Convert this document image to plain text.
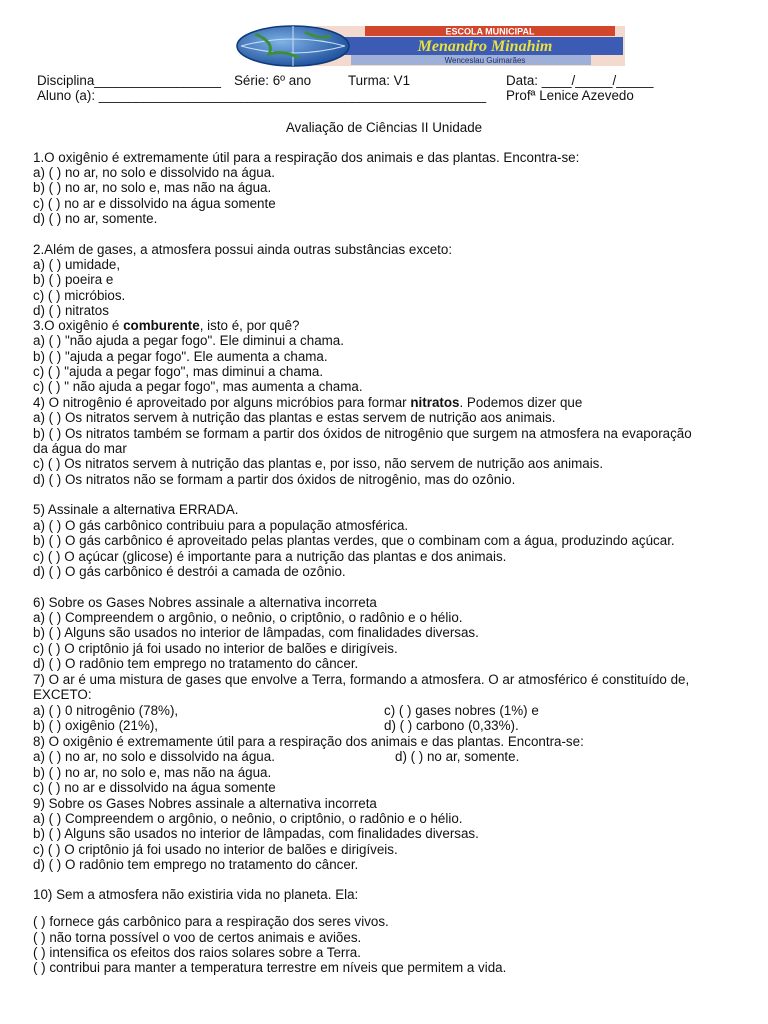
ESCOLA MUNICIPAL
Menandro Minahim
Wenceslau Guimarães
Disciplina_________________ Série: 6º ano	Turma: V1	Data: ____/_____/_____
Aluno (a): ____________________________________________________ Profª Lenice Azevedo
Avaliação de Ciências II Unidade
1.O oxigênio é extremamente útil para a respiração dos animais e das plantas. Encontra-se:
a) ( ) no ar, no solo e dissolvido na água.
b) ( ) no ar, no solo e, mas não na água.
c) ( ) no ar e dissolvido na água somente
d) ( ) no ar, somente.
2.Além de gases, a atmosfera possui ainda outras substâncias exceto:
a) ( ) umidade,
b) ( ) poeira e
c) ( ) micróbios.
d) ( ) nitratos
3.O oxigênio é comburente, isto é, por quê?
a) ( ) "não ajuda a pegar fogo". Ele diminui a chama.
b) ( ) "ajuda a pegar fogo". Ele aumenta a chama.
c) ( ) "ajuda a pegar fogo", mas diminui a chama.
c) ( ) " não ajuda a pegar fogo", mas aumenta a chama.
4) O nitrogênio é aproveitado por alguns micróbios para formar nitratos. Podemos dizer que
a) ( ) Os nitratos servem à nutrição das plantas e estas servem de nutrição aos animais.
b) ( ) Os nitratos também se formam a partir dos óxidos de nitrogênio que surgem na atmosfera na evaporação
da água do mar
c) ( ) Os nitratos servem à nutrição das plantas e, por isso, não servem de nutrição aos animais.
d) ( ) Os nitratos não se formam a partir dos óxidos de nitrogênio, mas do ozônio.
5) Assinale a alternativa ERRADA.
a) ( ) O gás carbônico contribuiu para a população atmosférica.
b) ( ) O gás carbônico é aproveitado pelas plantas verdes, que o combinam com a água, produzindo açúcar.
c) ( ) O açúcar (glicose) é importante para a nutrição das plantas e dos animais.
d) ( ) O gás carbônico é destrói a camada de ozônio.
6) Sobre os Gases Nobres assinale a alternativa incorreta
a) ( ) Compreendem o argônio, o neônio, o criptônio, o radônio e o hélio.
b) ( ) Alguns são usados no interior de lâmpadas, com finalidades diversas.
c) ( ) O criptônio já foi usado no interior de balões e dirigíveis.
d) ( ) O radônio tem emprego no tratamento do câncer.
7) O ar é uma mistura de gases que envolve a Terra, formando a atmosfera. O ar atmosférico é constituído de,
EXCETO:
a) ( ) 0 nitrogênio (78%),	c) ( ) gases nobres (1%) e
b) ( ) oxigênio (21%),	d) ( ) carbono (0,33%).
8) O oxigênio é extremamente útil para a respiração dos animais e das plantas. Encontra-se:
a) ( ) no ar, no solo e dissolvido na água.	d) ( ) no ar, somente.
b) ( ) no ar, no solo e, mas não na água.
c) ( ) no ar e dissolvido na água somente
9) Sobre os Gases Nobres assinale a alternativa incorreta
a) ( ) Compreendem o argônio, o neônio, o criptônio, o radônio e o hélio.
b) ( ) Alguns são usados no interior de lâmpadas, com finalidades diversas.
c) ( ) O criptônio já foi usado no interior de balões e dirigíveis.
d) ( ) O radônio tem emprego no tratamento do câncer.
10) Sem a atmosfera não existiria vida no planeta. Ela:
( ) fornece gás carbônico para a respiração dos seres vivos.
( ) não torna possível o voo de certos animais e aviões.
( ) intensifica os efeitos dos raios solares sobre a Terra.
( ) contribui para manter a temperatura terrestre em níveis que permitem a vida.
